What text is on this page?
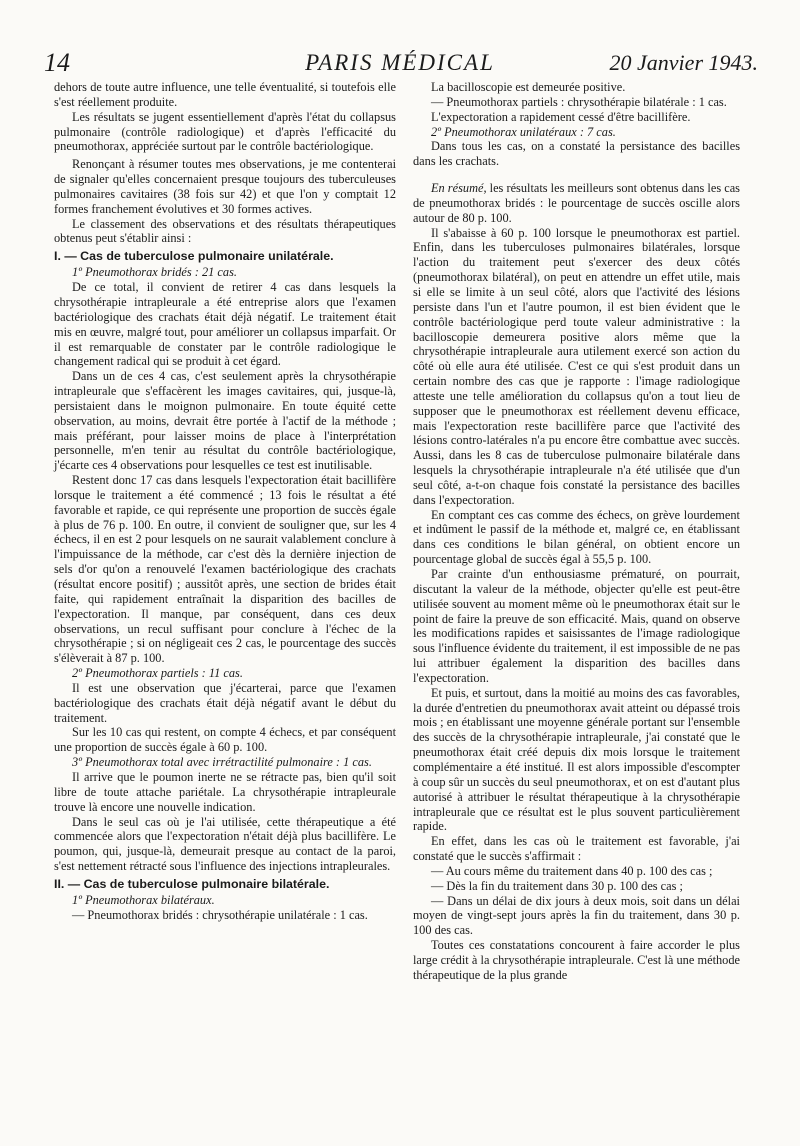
14	PARIS MÉDICAL	20 Janvier 1943.

dehors de toute autre influence, une telle éventualité, si toutefois elle s'est réellement produite.

Les résultats se jugent essentiellement d'après l'état du collapsus pulmonaire (contrôle radiologique) et d'après l'efficacité du pneumothorax, appréciée surtout par le contrôle bactériologique.

Renonçant à résumer toutes mes observations, je me contenterai de signaler qu'elles concernaient presque toujours des tuberculeuses pulmonaires cavitaires (38 fois sur 42) et que l'on y comptait 12 formes franchement évolutives et 30 formes actives.

Le classement des observations et des résultats thérapeutiques obtenus peut s'établir ainsi :

I. — Cas de tuberculose pulmonaire unilatérale.

1º Pneumothorax bridés : 21 cas.

De ce total, il convient de retirer 4 cas dans lesquels la chrysothérapie intrapleurale a été entreprise alors que l'examen bactériologique des crachats était déjà négatif. Le traitement était mis en œuvre, malgré tout, pour améliorer un collapsus imparfait. Or il est remarquable de constater par le contrôle radiologique le changement radical qui se produit à cet égard.

Dans un de ces 4 cas, c'est seulement après la chrysothérapie intrapleurale que s'effacèrent les images cavitaires, qui, jusque-là, persistaient dans le moignon pulmonaire. En toute équité cette observation, au moins, devrait être portée à l'actif de la méthode ; mais préférant, pour laisser moins de place à l'interprétation personnelle, m'en tenir au résultat du contrôle bactériologique, j'écarte ces 4 observations pour lesquelles ce test est inutilisable.

Restent donc 17 cas dans lesquels l'expectoration était bacillifère lorsque le traitement a été commencé ; 13 fois le résultat a été favorable et rapide, ce qui représente une proportion de succès égale à plus de 76 p. 100. En outre, il convient de souligner que, sur les 4 échecs, il en est 2 pour lesquels on ne saurait valablement conclure à l'impuissance de la méthode, car c'est dès la dernière injection de sels d'or qu'on a renouvelé l'examen bactériologique des crachats (résultat encore positif) ; aussitôt après, une section de brides était faite, qui rapidement entraînait la disparition des bacilles de l'expectoration. Il manque, par conséquent, dans ces deux observations, un recul suffisant pour conclure à l'échec de la chrysothérapie ; si on négligeait ces 2 cas, le pourcentage des succès s'élèverait à 87 p. 100.

2º Pneumothorax partiels : 11 cas.

Il est une observation que j'écarterai, parce que l'examen bactériologique des crachats était déjà négatif avant le début du traitement.

Sur les 10 cas qui restent, on compte 4 échecs, et par conséquent une proportion de succès égale à 60 p. 100.

3º Pneumothorax total avec irrétractilité pulmonaire : 1 cas.

Il arrive que le poumon inerte ne se rétracte pas, bien qu'il soit libre de toute attache pariétale. La chrysothérapie intrapleurale trouve là encore une nouvelle indication.

Dans le seul cas où je l'ai utilisée, cette thérapeutique a été commencée alors que l'expectoration n'était déjà plus bacillifère. Le poumon, qui, jusque-là, demeurait presque au contact de la paroi, s'est nettement rétracté sous l'influence des injections intrapleurales.

II. — Cas de tuberculose pulmonaire bilatérale.

1º Pneumothorax bilatéraux.

— Pneumothorax bridés : chrysothérapie unilatérale : 1 cas.

La bacilloscopie est demeurée positive.

— Pneumothorax partiels : chrysothérapie bilatérale : 1 cas.

L'expectoration a rapidement cessé d'être bacillifère.

2º Pneumothorax unilatéraux : 7 cas.

Dans tous les cas, on a constaté la persistance des bacilles dans les crachats.

En résumé, les résultats les meilleurs sont obtenus dans les cas de pneumothorax bridés : le pourcentage de succès oscille alors autour de 80 p. 100.

Il s'abaisse à 60 p. 100 lorsque le pneumothorax est partiel. Enfin, dans les tuberculoses pulmonaires bilatérales, lorsque l'action du traitement peut s'exercer des deux côtés (pneumothorax bilatéral), on peut en attendre un effet utile, mais si elle se limite à un seul côté, alors que l'activité des lésions persiste dans l'un et l'autre poumon, il est bien évident que le contrôle bactériologique perd toute valeur administrative : la bacilloscopie demeurera positive alors même que la chrysothérapie intrapleurale aura utilement exercé son action du côté où elle aura été utilisée. C'est ce qui s'est produit dans un certain nombre des cas que je rapporte : l'image radiologique atteste une telle amélioration du collapsus qu'on a tout lieu de supposer que le pneumothorax est réellement devenu efficace, mais l'expectoration reste bacillifère parce que l'activité des lésions contro-latérales n'a pu encore être combattue avec succès. Aussi, dans les 8 cas de tuberculose pulmonaire bilatérale dans lesquels la chrysothérapie intrapleurale n'a été utilisée que d'un seul côté, a-t-on chaque fois constaté la persistance des bacilles dans l'expectoration.

En comptant ces cas comme des échecs, on grève lourdement et indûment le passif de la méthode et, malgré ce, en établissant dans ces conditions le bilan général, on obtient encore un pourcentage global de succès égal à 55,5 p. 100.

Par crainte d'un enthousiasme prématuré, on pourrait, discutant la valeur de la méthode, objecter qu'elle est peut-être utilisée souvent au moment même où le pneumothorax était sur le point de faire la preuve de son efficacité. Mais, quand on observe les modifications rapides et saisissantes de l'image radiologique sous l'influence évidente du traitement, il est impossible de ne pas lui attribuer également la disparition des bacilles dans l'expectoration.

Et puis, et surtout, dans la moitié au moins des cas favorables, la durée d'entretien du pneumothorax avait atteint ou dépassé trois mois ; en établissant une moyenne générale portant sur l'ensemble des succès de la chrysothérapie intrapleurale, j'ai constaté que le pneumothorax était créé depuis dix mois lorsque le traitement complémentaire a été institué. Il est alors impossible d'escompter à coup sûr un succès du seul pneumothorax, et on est d'autant plus autorisé à attribuer le résultat thérapeutique à la chrysothérapie intrapleurale que ce résultat est le plus souvent particulièrement rapide.

En effet, dans les cas où le traitement est favorable, j'ai constaté que le succès s'affirmait :

— Au cours même du traitement dans 40 p. 100 des cas ;

— Dès la fin du traitement dans 30 p. 100 des cas ;

— Dans un délai de dix jours à deux mois, soit dans un délai moyen de vingt-sept jours après la fin du traitement, dans 30 p. 100 des cas.

Toutes ces constatations concourent à faire accorder le plus large crédit à la chrysothérapie intrapleurale. C'est là une méthode thérapeutique de la plus grande
